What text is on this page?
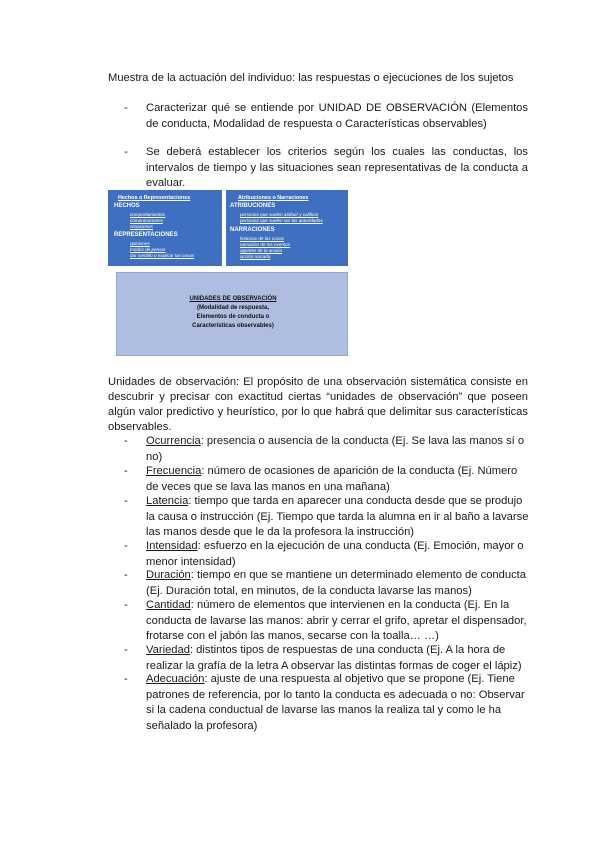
Muestra de la actuación del individuo: las respuestas o ejecuciones de los sujetos
- Caracterizar qué se entiende por UNIDAD DE OBSERVACIÓN (Elementos de conducta, Modalidad de respuesta o Características observables)
- Se deberá establecer los criterios según los cuales las conductas, los intervalos de tiempo y las situaciones sean representativas de la conducta a evaluar.
Hechos o Representaciones
HECHOS
comportamientos
comunicaciones
situaciones
REPRESENTACIONES
opiniones
modos de pensar
dar sentido o explicar las cosas
Atribuciones o Narraciones
ATRIBUCIONES
personas que suelen atribuir y calificar
personas que suelen ser las autoridades
NARRACIONES
historias de las cosas
narración de los eventos
agentes de la acción
acción narrada
UNIDADES DE OBSERVACIÓN
(Modalidad de respuesta,
Elementos de conducta o
Características observables)
Unidades de observación: El propósito de una observación sistemática consiste en descubrir y precisar con exactitud ciertas “unidades de observación” que poseen algún valor predictivo y heurístico, por lo que habrá que delimitar sus características observables.
- Ocurrencia: presencia o ausencia de la conducta (Ej. Se lava las manos sí o no)
- Frecuencia: número de ocasiones de aparición de la conducta (Ej. Número de veces que se lava las manos en una mañana)
- Latencia: tiempo que tarda en aparecer una conducta desde que se produjo la causa o instrucción (Ej. Tiempo que tarda la alumna en ir al baño a lavarse las manos desde que le da la profesora la instrucción)
- Intensidad: esfuerzo en la ejecución de una conducta (Ej. Emoción, mayor o menor intensidad)
- Duración: tiempo en que se mantiene un determinado elemento de conducta (Ej. Duración total, en minutos, de la conducta lavarse las manos)
- Cantidad: número de elementos que intervienen en la conducta (Ej. En la conducta de lavarse las manos: abrir y cerrar el grifo, apretar el dispensador, frotarse con el jabón las manos, secarse con la toalla… …)
- Variedad: distintos tipos de respuestas de una conducta (Ej. A la hora de realizar la grafía de la letra A observar las distintas formas de coger el lápiz)
- Adecuación: ajuste de una respuesta al objetivo que se propone (Ej. Tiene patrones de referencia, por lo tanto la conducta es adecuada o no: Observar si la cadena conductual de lavarse las manos la realiza tal y como le ha señalado la profesora)
